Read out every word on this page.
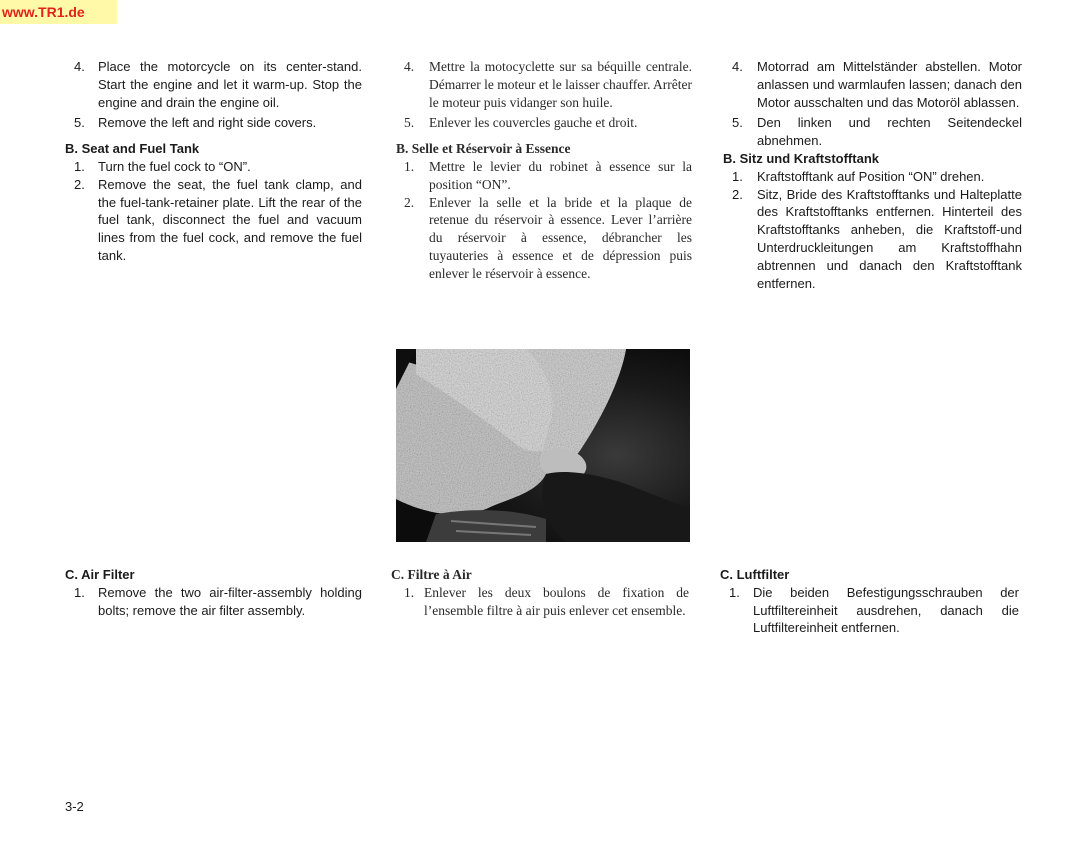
www.TR1.de
4.	Place the motorcycle on its center-stand. Start the engine and let it warm-up. Stop the engine and drain the engine oil.
5.	Remove the left and right side covers.
B. Seat and Fuel Tank
1.	Turn the fuel cock to “ON”.
2.	Remove the seat, the fuel tank clamp, and the fuel-tank-retainer plate. Lift the rear of the fuel tank, disconnect the fuel and vacuum lines from the fuel cock, and remove the fuel tank.
4.	Mettre la motocyclette sur sa béquille centrale. Démarrer le moteur et le laisser chauffer. Arrêter le moteur puis vidanger son huile.
5.	Enlever les couvercles gauche et droit.
B. Selle et Réservoir à Essence
1.	Mettre le levier du robinet à essence sur la position “ON”.
2.	Enlever la selle et la bride et la plaque de retenue du réservoir à essence. Lever l’arrière du réservoir à essence, débrancher les tuyauteries à essence et de dépression puis enlever le réservoir à essence.
4.	Motorrad am Mittelständer abstellen. Motor anlassen und warmlaufen lassen; danach den Motor ausschalten und das Motoröl ablassen.
5.	Den linken und rechten Seitendeckel abnehmen.
B. Sitz und Kraftstofftank
1.	Kraftstofftank auf Position “ON” drehen.
2.	Sitz, Bride des Kraftstofftanks und Halteplatte des Kraftstofftanks entfernen. Hinterteil des Kraftstofftanks anheben, die Kraftstoff-und Unterdruckleitungen am Kraftstoffhahn abtrennen und danach den Kraftstofftank entfernen.
C. Air Filter
1.	Remove the two air-filter-assembly holding bolts; remove the air filter assembly.
C. Filtre à Air
1. Enlever les deux boulons de fixation de l’ensemble filtre à air puis enlever cet ensemble.
C. Luftfilter
1.	Die beiden Befestigungsschrauben der Luftfiltereinheit ausdrehen, danach die Luftfiltereinheit entfernen.
3-2
